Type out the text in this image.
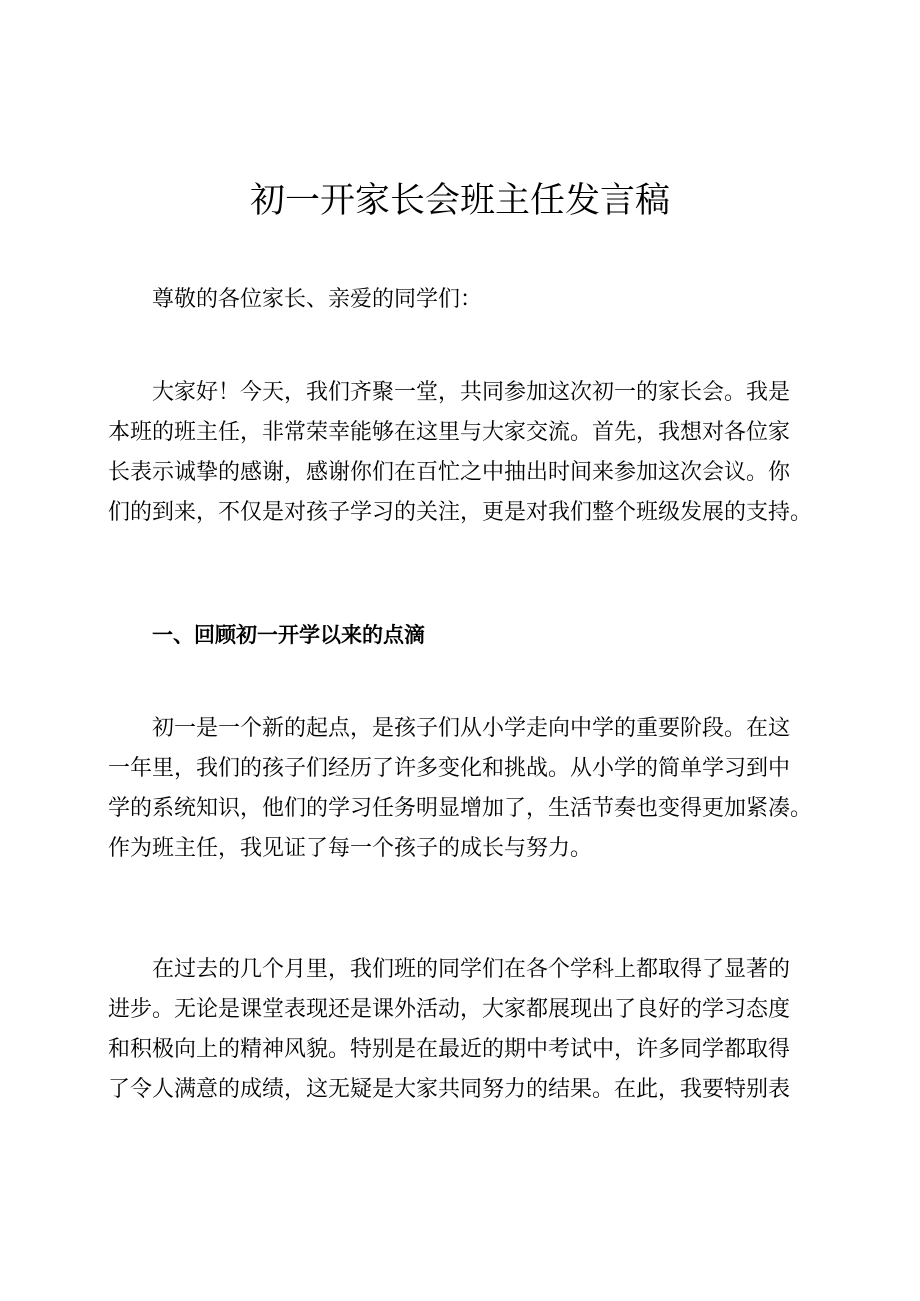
初一开家长会班主任发言稿

尊敬的各位家长、亲爱的同学们：

大家好！今天，我们齐聚一堂，共同参加这次初一的家长会。我是
本班的班主任，非常荣幸能够在这里与大家交流。首先，我想对各位家
长表示诚挚的感谢，感谢你们在百忙之中抽出时间来参加这次会议。你
们的到来，不仅是对孩子学习的关注，更是对我们整个班级发展的支持。
一、回顾初一开学以来的点滴
初一是一个新的起点，是孩子们从小学走向中学的重要阶段。在这
一年里，我们的孩子们经历了许多变化和挑战。从小学的简单学习到中
学的系统知识，他们的学习任务明显增加了，生活节奏也变得更加紧凑。
作为班主任，我见证了每一个孩子的成长与努力。
在过去的几个月里，我们班的同学们在各个学科上都取得了显著的
进步。无论是课堂表现还是课外活动，大家都展现出了良好的学习态度
和积极向上的精神风貌。特别是在最近的期中考试中，许多同学都取得
了令人满意的成绩，这无疑是大家共同努力的结果。在此，我要特别表
